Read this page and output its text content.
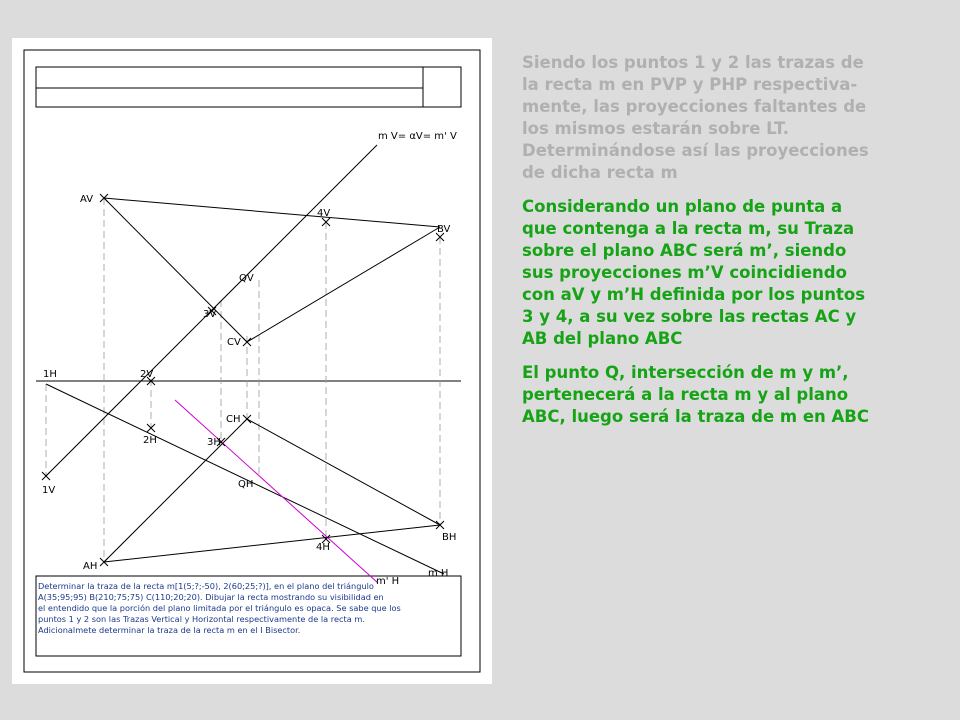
m V= αV= m' V
AV
BV
4V
QV
3V
CV
1H	2V
CH
2H	3H
QH
1V
BH
4H
AH
m' H
m H
Determinar la traza de la recta m[1(5;?;-50), 2(60;25;?)], en el plano del triángulo
A(35;95;95) B(210;75;75) C(110;20;20). Dibujar la recta mostrando su visibilidad en
el entendido que la porción del plano limitada por el triángulo es opaca. Se sabe que los
puntos 1 y 2 son las Trazas Vertical y Horizontal respectivamente de la recta m.
Adicionalmete determinar la traza de la recta m en el I Bisector.
Siendo los puntos 1 y 2 las trazas de
la recta m en PVP y PHP respectiva-
mente, las proyecciones faltantes de
los mismos estarán sobre LT.
Determinándose así las proyecciones
de dicha recta m
Considerando un plano de punta a
que contenga a la recta m, su Traza
sobre el plano ABC será m’, siendo
sus proyecciones m’V coincidiendo
con aV y m’H definida por los puntos
3 y 4, a su vez sobre las rectas AC y
AB del plano ABC
El punto Q, intersección de m y m’,
pertenecerá a la recta m y al plano
ABC, luego será la traza de m en ABC
